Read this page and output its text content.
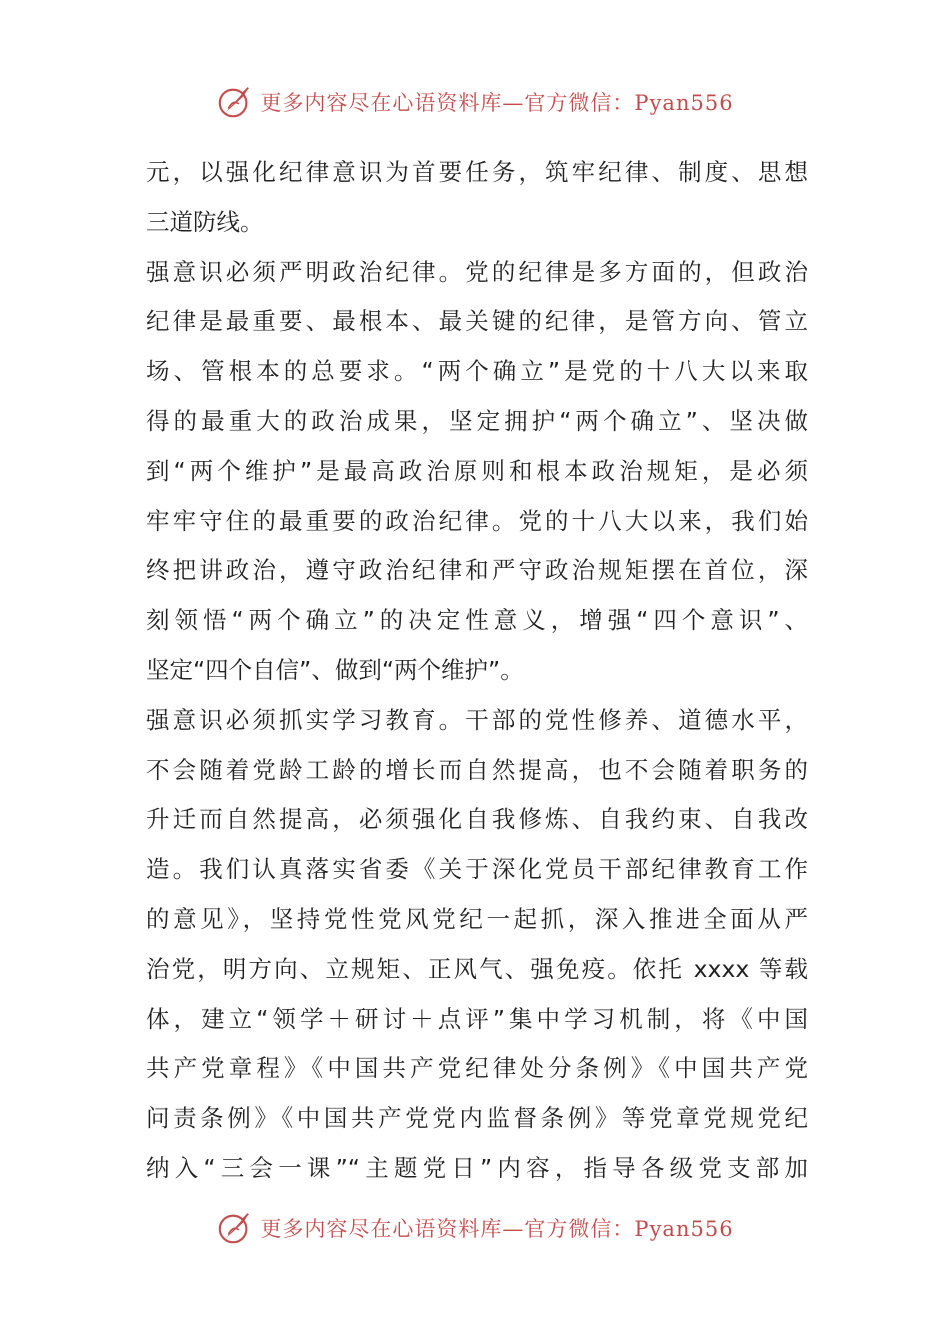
更多内容尽在心语资料库—官方微信：Pyan556
元，以强化纪律意识为首要任务，筑牢纪律、制度、思想
三道防线。
强意识必须严明政治纪律。党的纪律是多方面的，但政治
纪律是最重要、最根本、最关键的纪律，是管方向、管立
场、管根本的总要求。“两个确立”是党的十八大以来取
得的最重大的政治成果，坚定拥护“两个确立”、坚决做
到“两个维护”是最高政治原则和根本政治规矩，是必须
牢牢守住的最重要的政治纪律。党的十八大以来，我们始
终把讲政治，遵守政治纪律和严守政治规矩摆在首位，深
刻领悟“两个确立”的决定性意义，增强“四个意识”、
坚定“四个自信”、做到“两个维护”。
强意识必须抓实学习教育。干部的党性修养、道德水平，
不会随着党龄工龄的增长而自然提高，也不会随着职务的
升迁而自然提高，必须强化自我修炼、自我约束、自我改
造。我们认真落实省委《关于深化党员干部纪律教育工作
的意见》，坚持党性党风党纪一起抓，深入推进全面从严
治党，明方向、立规矩、正风气、强免疫。依托 xxxx 等载
体，建立“领学＋研讨＋点评”集中学习机制，将《中国
共产党章程》《中国共产党纪律处分条例》《中国共产党
问责条例》《中国共产党党内监督条例》等党章党规党纪
纳入“三会一课”“主题党日”内容，指导各级党支部加
更多内容尽在心语资料库—官方微信：Pyan556
